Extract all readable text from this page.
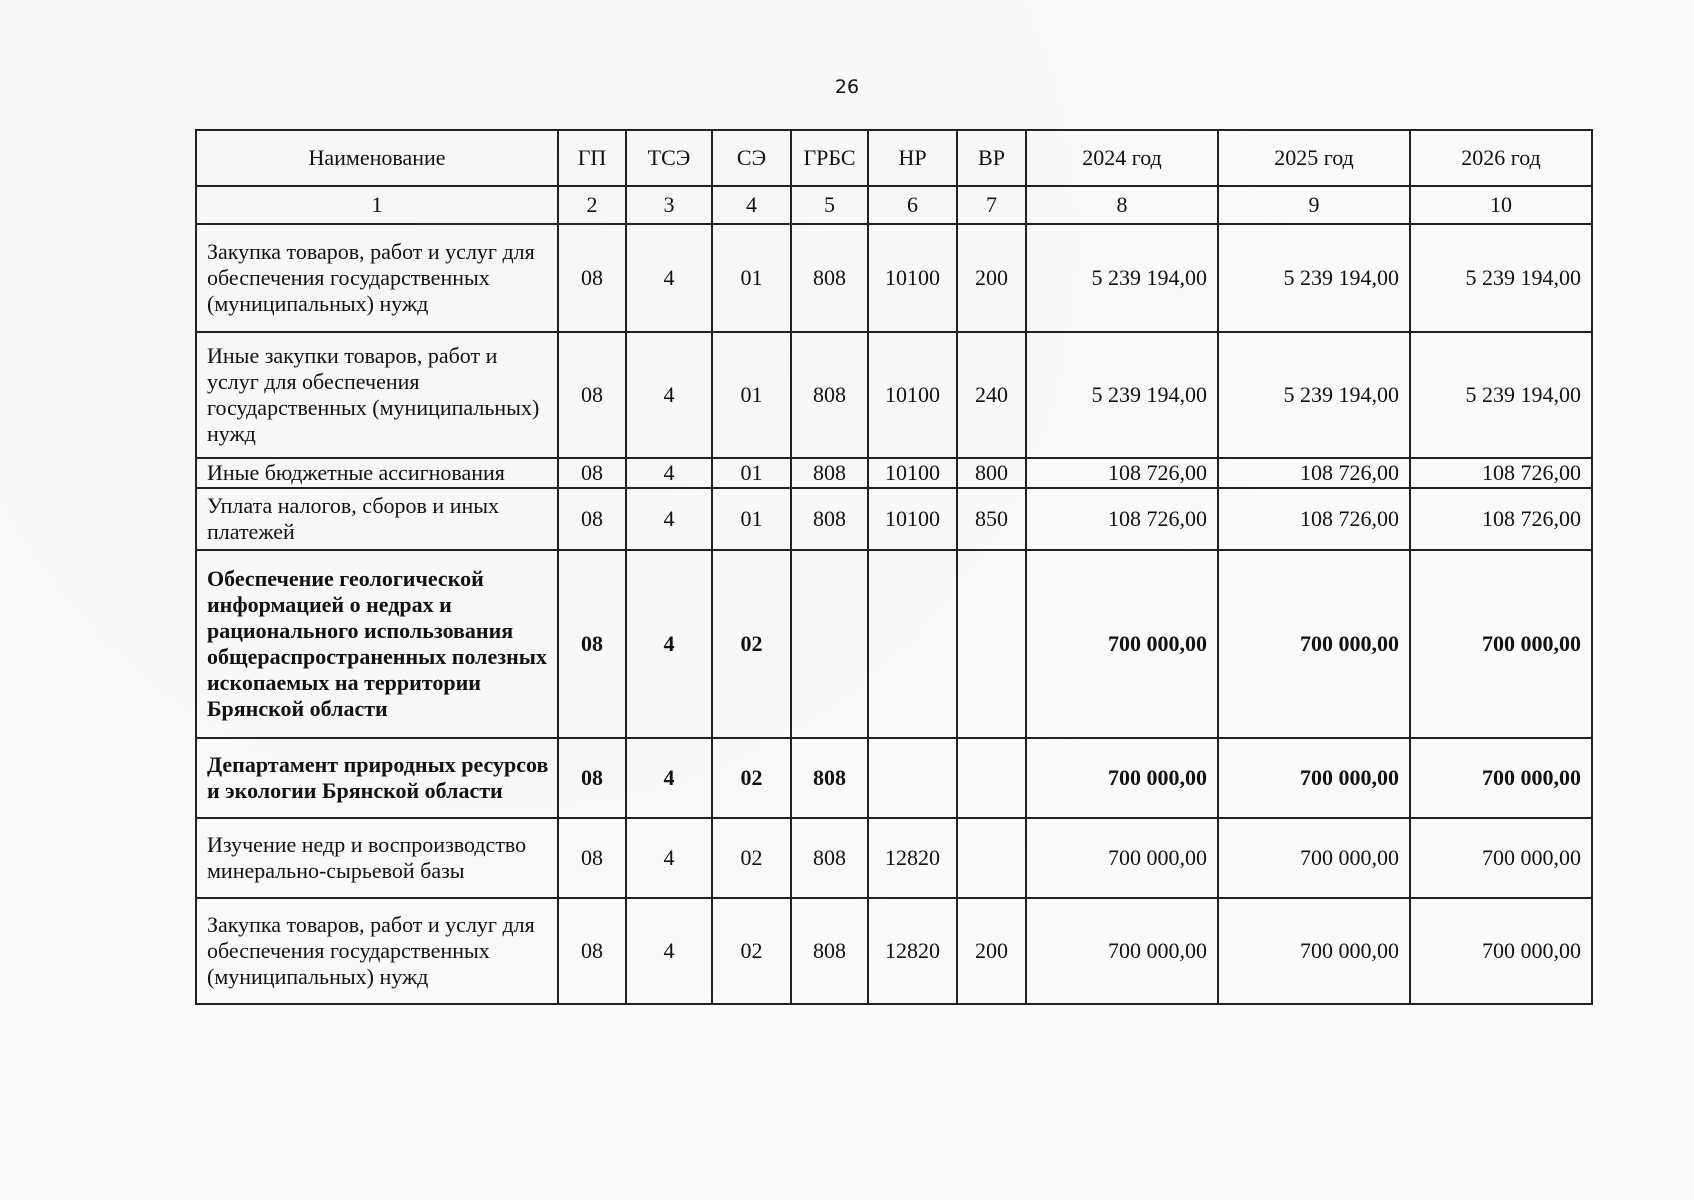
26
Наименование	ГП	ТСЭ	СЭ	ГРБС	НР	ВР	2024 год	2025 год	2026 год
1	2	3	4	5	6	7	8	9	10
Закупка товаров, работ и услуг для обеспечения государственных (муниципальных) нужд	08	4	01	808	10100	200	5 239 194,00	5 239 194,00	5 239 194,00
Иные закупки товаров, работ и услуг для обеспечения государственных (муниципальных) нужд	08	4	01	808	10100	240	5 239 194,00	5 239 194,00	5 239 194,00
Иные бюджетные ассигнования	08	4	01	808	10100	800	108 726,00	108 726,00	108 726,00
Уплата налогов, сборов и иных платежей	08	4	01	808	10100	850	108 726,00	108 726,00	108 726,00
Обеспечение геологической информацией о недрах и рационального использования общераспространенных полезных ископаемых на территории Брянской области	08	4	02				700 000,00	700 000,00	700 000,00
Департамент природных ресурсов и экологии Брянской области	08	4	02	808			700 000,00	700 000,00	700 000,00
Изучение недр и воспроизводство минерально-сырьевой базы	08	4	02	808	12820		700 000,00	700 000,00	700 000,00
Закупка товаров, работ и услуг для обеспечения государственных (муниципальных) нужд	08	4	02	808	12820	200	700 000,00	700 000,00	700 000,00
